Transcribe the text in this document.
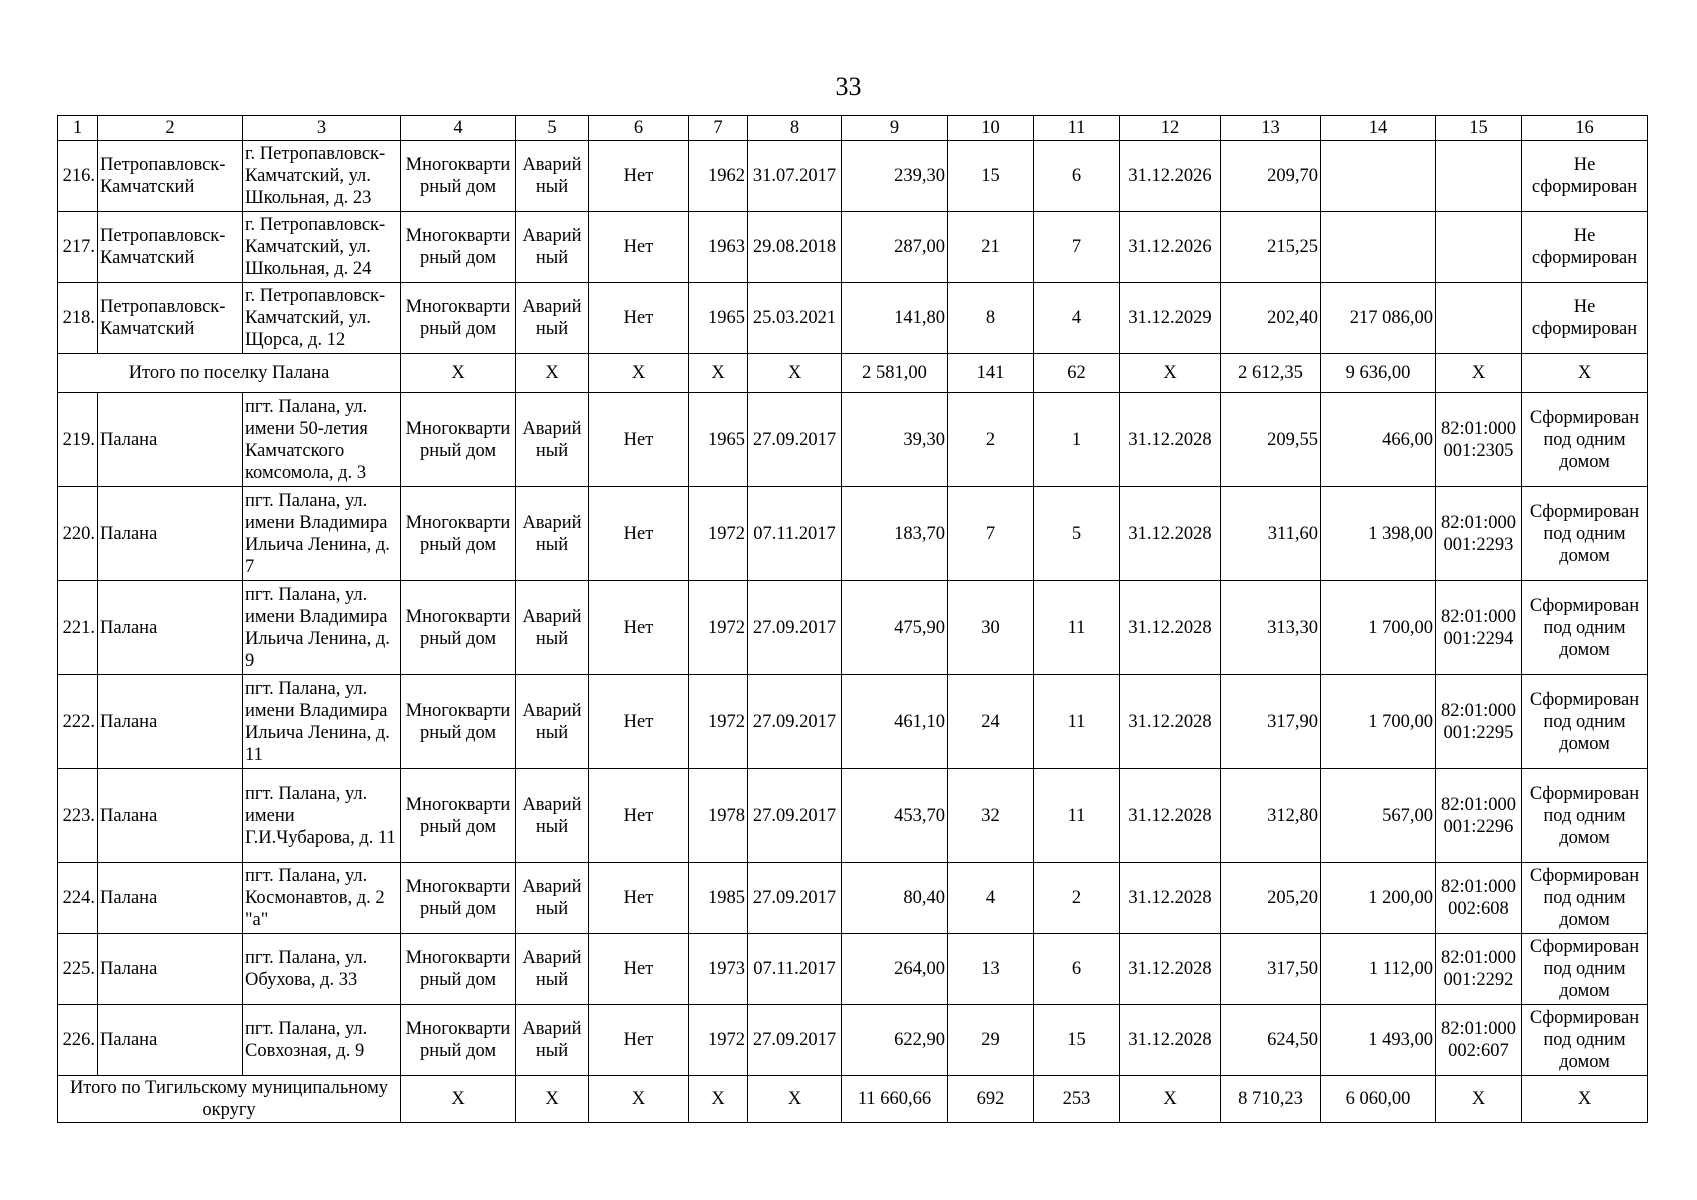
33
1	2	3	4	5	6	7	8	9	10	11	12	13	14	15	16
216.	Петропавловск-Камчатский	г. Петропавловск-Камчатский, ул. Школьная, д. 23	Многоквартирный дом	Аварийный	Нет	1962	31.07.2017	239,30	15	6	31.12.2026	209,70			Не сформирован
217.	Петропавловск-Камчатский	г. Петропавловск-Камчатский, ул. Школьная, д. 24	Многоквартирный дом	Аварийный	Нет	1963	29.08.2018	287,00	21	7	31.12.2026	215,25			Не сформирован
218.	Петропавловск-Камчатский	г. Петропавловск-Камчатский, ул. Щорса, д. 12	Многоквартирный дом	Аварийный	Нет	1965	25.03.2021	141,80	8	4	31.12.2029	202,40	217 086,00		Не сформирован
Итого по поселку Палана			X	X	X	X	X	2 581,00	141	62	X	2 612,35	9 636,00	X	X
219.	Палана	пгт. Палана, ул. имени 50-летия Камчатского комсомола, д. 3	Многоквартирный дом	Аварийный	Нет	1965	27.09.2017	39,30	2	1	31.12.2028	209,55	466,00	82:01:000001:2305	Сформирован под одним домом
220.	Палана	пгт. Палана, ул. имени Владимира Ильича Ленина, д. 7	Многоквартирный дом	Аварийный	Нет	1972	07.11.2017	183,70	7	5	31.12.2028	311,60	1 398,00	82:01:000001:2293	Сформирован под одним домом
221.	Палана	пгт. Палана, ул. имени Владимира Ильича Ленина, д. 9	Многоквартирный дом	Аварийный	Нет	1972	27.09.2017	475,90	30	11	31.12.2028	313,30	1 700,00	82:01:000001:2294	Сформирован под одним домом
222.	Палана	пгт. Палана, ул. имени Владимира Ильича Ленина, д. 11	Многоквартирный дом	Аварийный	Нет	1972	27.09.2017	461,10	24	11	31.12.2028	317,90	1 700,00	82:01:000001:2295	Сформирован под одним домом
223.	Палана	пгт. Палана, ул. имени Г.И.Чубарова, д. 11	Многоквартирный дом	Аварийный	Нет	1978	27.09.2017	453,70	32	11	31.12.2028	312,80	567,00	82:01:000001:2296	Сформирован под одним домом
224.	Палана	пгт. Палана, ул. Космонавтов, д. 2 "а"	Многоквартирный дом	Аварийный	Нет	1985	27.09.2017	80,40	4	2	31.12.2028	205,20	1 200,00	82:01:000002:608	Сформирован под одним домом
225.	Палана	пгт. Палана, ул. Обухова, д. 33	Многоквартирный дом	Аварийный	Нет	1973	07.11.2017	264,00	13	6	31.12.2028	317,50	1 112,00	82:01:000001:2292	Сформирован под одним домом
226.	Палана	пгт. Палана, ул. Совхозная, д. 9	Многоквартирный дом	Аварийный	Нет	1972	27.09.2017	622,90	29	15	31.12.2028	624,50	1 493,00	82:01:000002:607	Сформирован под одним домом
Итого по Тигильскому муниципальному округу			X	X	X	X	X	11 660,66	692	253	X	8 710,23	6 060,00	X	X
